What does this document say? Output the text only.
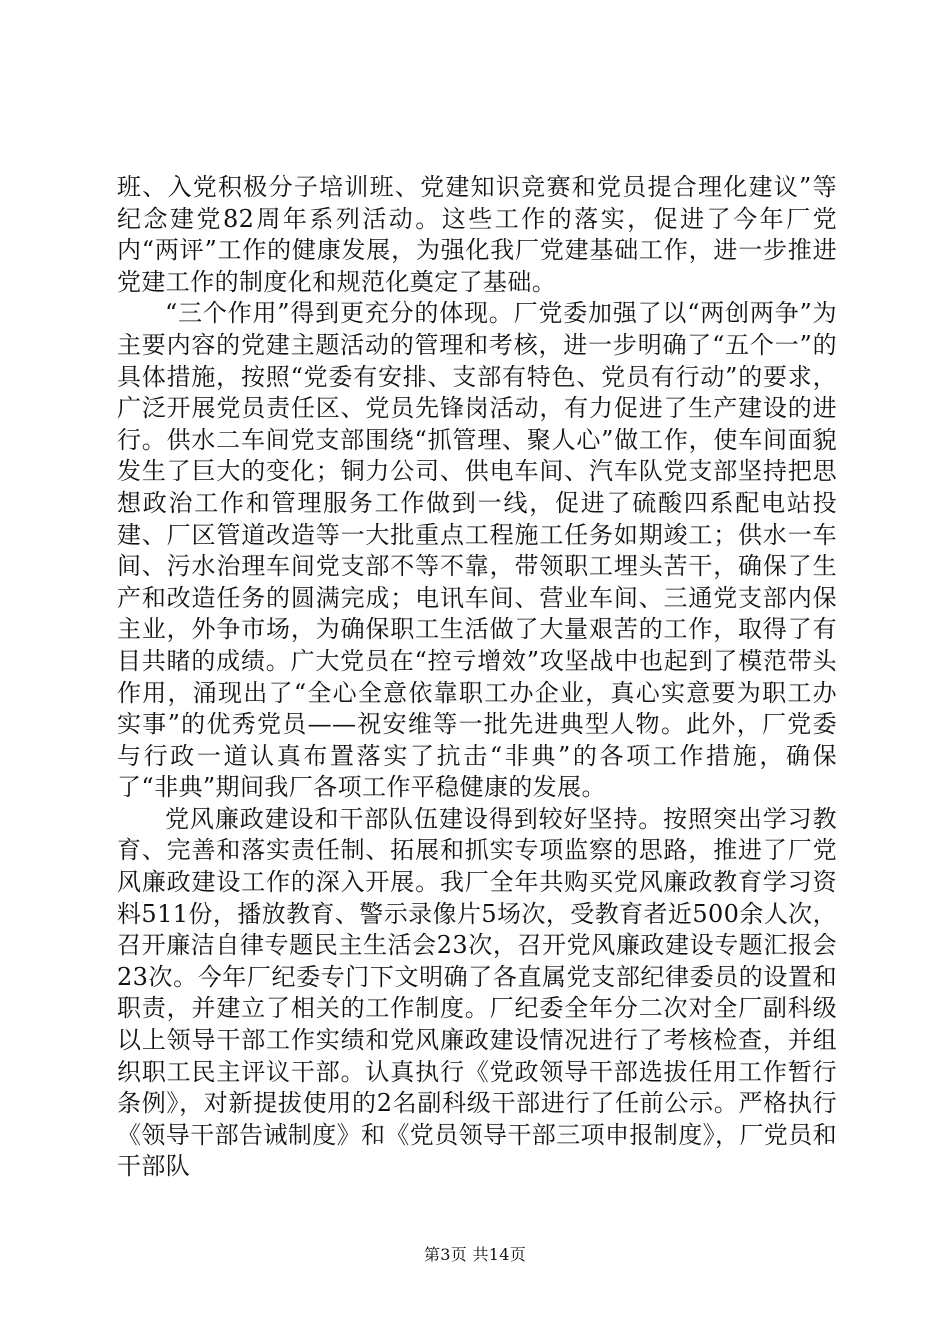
班、入党积极分子培训班、党建知识竞赛和党员提合理化建议”等纪念建党82周年系列活动。这些工作的落实，促进了今年厂党内“两评”工作的健康发展，为强化我厂党建基础工作，进一步推进党建工作的制度化和规范化奠定了基础。

“三个作用”得到更充分的体现。厂党委加强了以“两创两争”为主要内容的党建主题活动的管理和考核，进一步明确了“五个一”的具体措施，按照“党委有安排、支部有特色、党员有行动”的要求，广泛开展党员责任区、党员先锋岗活动，有力促进了生产建设的进行。供水二车间党支部围绕“抓管理、聚人心”做工作，使车间面貌发生了巨大的变化；铜力公司、供电车间、汽车队党支部坚持把思想政治工作和管理服务工作做到一线，促进了硫酸四系配电站投建、厂区管道改造等一大批重点工程施工任务如期竣工；供水一车间、污水治理车间党支部不等不靠，带领职工埋头苦干，确保了生产和改造任务的圆满完成；电讯车间、营业车间、三通党支部内保主业，外争市场，为确保职工生活做了大量艰苦的工作，取得了有目共睹的成绩。广大党员在“控亏增效”攻坚战中也起到了模范带头作用，涌现出了“全心全意依靠职工办企业，真心实意要为职工办实事”的优秀党员——祝安维等一批先进典型人物。此外，厂党委与行政一道认真布置落实了抗击“非典”的各项工作措施，确保了“非典”期间我厂各项工作平稳健康的发展。

党风廉政建设和干部队伍建设得到较好坚持。按照突出学习教育、完善和落实责任制、拓展和抓实专项监察的思路，推进了厂党风廉政建设工作的深入开展。我厂全年共购买党风廉政教育学习资料511份，播放教育、警示录像片5场次，受教育者近500余人次，召开廉洁自律专题民主生活会23次，召开党风廉政建设专题汇报会23次。今年厂纪委专门下文明确了各直属党支部纪律委员的设置和职责，并建立了相关的工作制度。厂纪委全年分二次对全厂副科级以上领导干部工作实绩和党风廉政建设情况进行了考核检查，并组织职工民主评议干部。认真执行《党政领导干部选拔任用工作暂行条例》，对新提拔使用的2名副科级干部进行了任前公示。严格执行《领导干部告诫制度》和《党员领导干部三项申报制度》，厂党员和干部队

第3页 共14页
